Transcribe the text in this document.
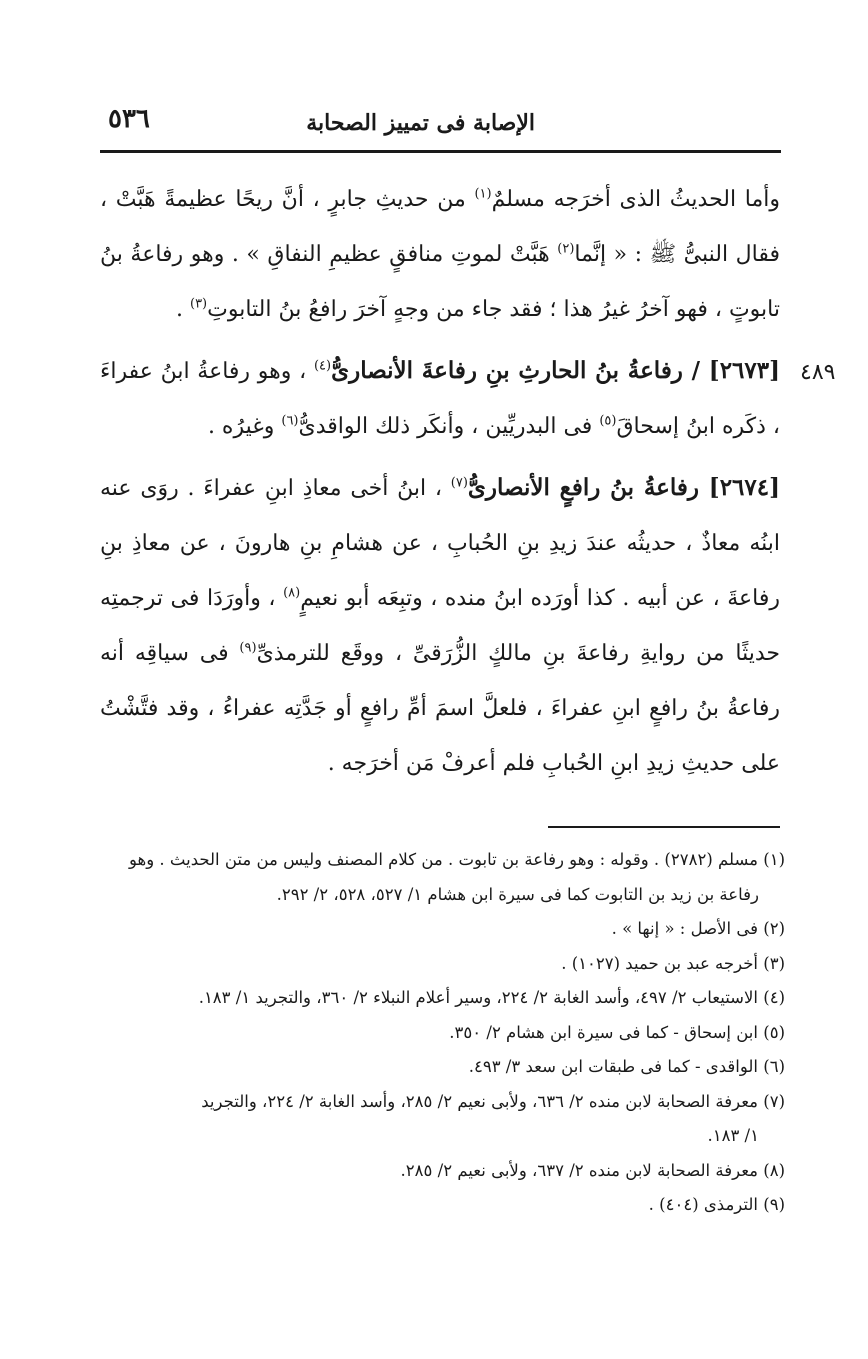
الإصابة فى تمييز الصحابة
٥٣٦
٤٨٩

وأما الحديثُ الذى أخرَجه مسلمٌ$^{(١)}$ من حديثِ جابرٍ ، أنَّ ريحًا عظيمةً هَبَّتْ ، فقال النبىُّ ﷺ : « إنَّما$^{(٢)}$ هَبَّتْ لموتِ منافقٍ عظيمِ النفاقِ » . وهو رفاعةُ بنُ تابوتٍ ، فهو آخرُ غيرُ هذا ؛ فقد جاء من وجهٍ آخرَ رافعُ بنُ التابوتِ$^{(٣)}$ .

[٢٦٧٣] / رفاعةُ بنُ الحارثِ بنِ رفاعةَ الأنصارىُّ$^{(٤)}$ ، وهو رفاعةُ ابنُ عفراءَ ، ذكَره ابنُ إسحاقَ$^{(٥)}$ فى البدريِّين ، وأنكَر ذلك الواقدىُّ$^{(٦)}$ وغيرُه .

[٢٦٧٤] رفاعةُ بنُ رافعٍ الأنصارىُّ$^{(٧)}$ ، ابنُ أخى معاذِ ابنِ عفراءَ . روَى عنه ابنُه معاذٌ ، حديثُه عندَ زيدِ بنِ الحُبابِ ، عن هشامِ بنِ هارونَ ، عن معاذِ بنِ رفاعةَ ، عن أبيه . كذا أورَده ابنُ منده ، وتبِعَه أبو نعيمٍ$^{(٨)}$ ، وأورَدَا فى ترجمتِه حديثًا من روايةِ رفاعةَ بنِ مالكٍ الزُّرَقىِّ ، ووقَع للترمذىِّ$^{(٩)}$ فى سياقِه أنه رفاعةُ بنُ رافعٍ ابنِ عفراءَ ، فلعلَّ اسمَ أمِّ رافعٍ أو جَدَّتِه عفراءُ ، وقد فتَّشْتُ على حديثِ زيدِ ابنِ الحُبابِ فلم أعرفْ مَن أخرَجه .

(١) مسلم (٢٧٨٢) . وقوله : وهو رفاعة بن تابوت . من كلام المصنف وليس من متن الحديث . وهو
رفاعة بن زيد بن التابوت كما فى سيرة ابن هشام ١/ ٥٢٧، ٥٢٨، ٢/ ٢٩٢.

(٢) فى الأصل : « إنها » .

(٣) أخرجه عبد بن حميد (١٠٢٧) .

(٤) الاستيعاب ٢/ ٤٩٧، وأسد الغابة ٢/ ٢٢٤، وسير أعلام النبلاء ٢/ ٣٦٠، والتجريد ١/ ١٨٣.

(٥) ابن إسحاق - كما فى سيرة ابن هشام ٢/ ٣٥٠.

(٦) الواقدى - كما فى طبقات ابن سعد ٣/ ٤٩٣.

(٧) معرفة الصحابة لابن منده ٢/ ٦٣٦، ولأبى نعيم ٢/ ٢٨٥، وأسد الغابة ٢/ ٢٢٤، والتجريد
١/ ١٨٣.

(٨) معرفة الصحابة لابن منده ٢/ ٦٣٧، ولأبى نعيم ٢/ ٢٨٥.

(٩) الترمذى (٤٠٤) .
